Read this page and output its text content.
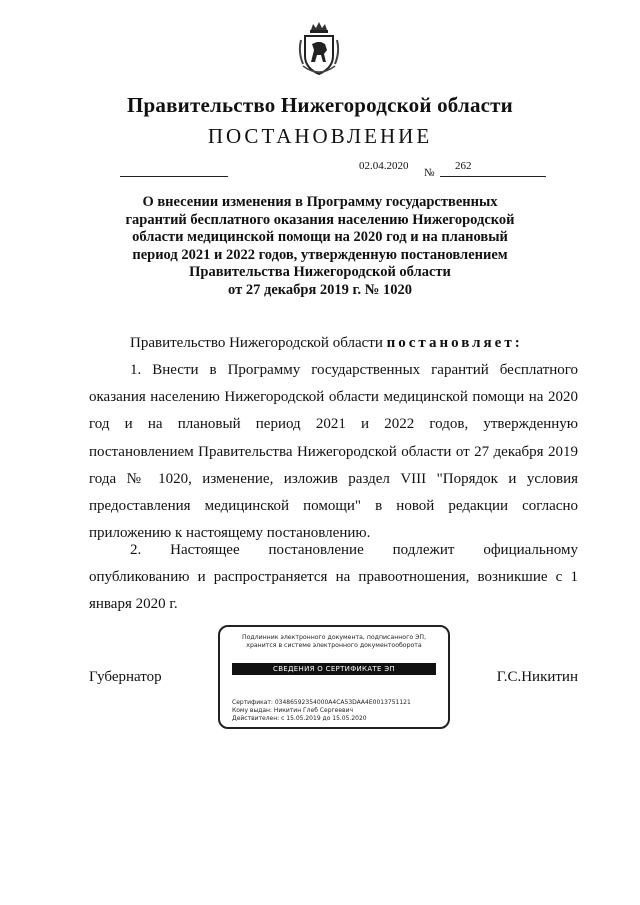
Правительство Нижегородской области
ПОСТАНОВЛЕНИЕ
02.04.2020
№
262
О внесении изменения в Программу государственных
гарантий бесплатного оказания населению Нижегородской
области медицинской помощи на 2020 год и на плановый
период 2021 и 2022 годов, утвержденную постановлением
Правительства Нижегородской области
от 27 декабря 2019 г. № 1020

Правительство Нижегородской области постановляет:

1. Внести в Программу государственных гарантий бесплатного оказания населению Нижегородской области медицинской помощи на 2020 год и на плановый период 2021 и 2022 годов, утвержденную постановлением Правительства Нижегородской области от 27 декабря 2019 года № 1020, изменение, изложив раздел VIII "Порядок и условия предоставления медицинской помощи" в новой редакции согласно приложению к настоящему постановлению.

2. Настоящее постановление подлежит официальному опубликованию и распространяется на правоотношения, возникшие с 1 января 2020 г.

Губернатор	Г.С.Никитин
Подлинник электронного документа, подписанного ЭП,
хранится в системе электронного документооборота
СВЕДЕНИЯ О СЕРТИФИКАТЕ ЭП
Сертификат: 03486592354000A4CA53DAA4E0013751121
Кому выдан: Никитин Глеб Сергеевич
Действителен: с 15.05.2019 до 15.05.2020
